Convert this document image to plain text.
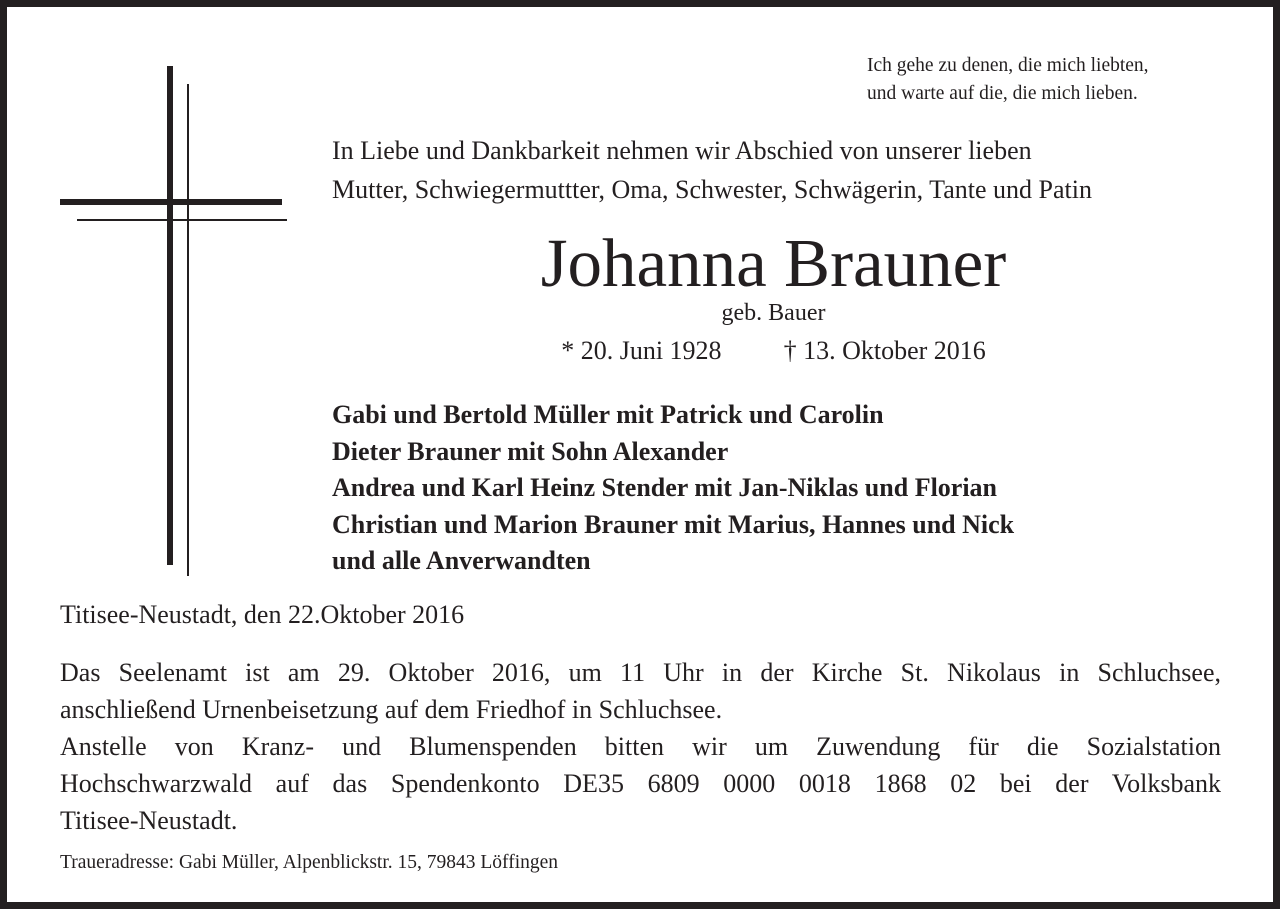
Ich gehe zu denen, die mich liebten,
und warte auf die, die mich lieben.
In Liebe und Dankbarkeit nehmen wir Abschied von unserer lieben
Mutter, Schwiegermuttter, Oma, Schwester, Schwägerin, Tante und Patin
Johanna Brauner
geb. Bauer
* 20. Juni 1928 † 13. Oktober 2016
Gabi und Bertold Müller mit Patrick und Carolin
Dieter Brauner mit Sohn Alexander
Andrea und Karl Heinz Stender mit Jan-Niklas und Florian
Christian und Marion Brauner mit Marius, Hannes und Nick
und alle Anverwandten
Titisee-Neustadt, den 22.Oktober 2016

Das Seelenamt ist am 29. Oktober 2016, um 11 Uhr in der Kirche St. Nikolaus in Schluchsee,

anschließend Urnenbeisetzung auf dem Friedhof in Schluchsee.

Anstelle von Kranz- und Blumenspenden bitten wir um Zuwendung für die Sozialstation

Hochschwarzwald auf das Spendenkonto DE35 6809 0000 0018 1868 02 bei der Volksbank

Titisee-Neustadt.

Traueradresse: Gabi Müller, Alpenblickstr. 15, 79843 Löffingen
